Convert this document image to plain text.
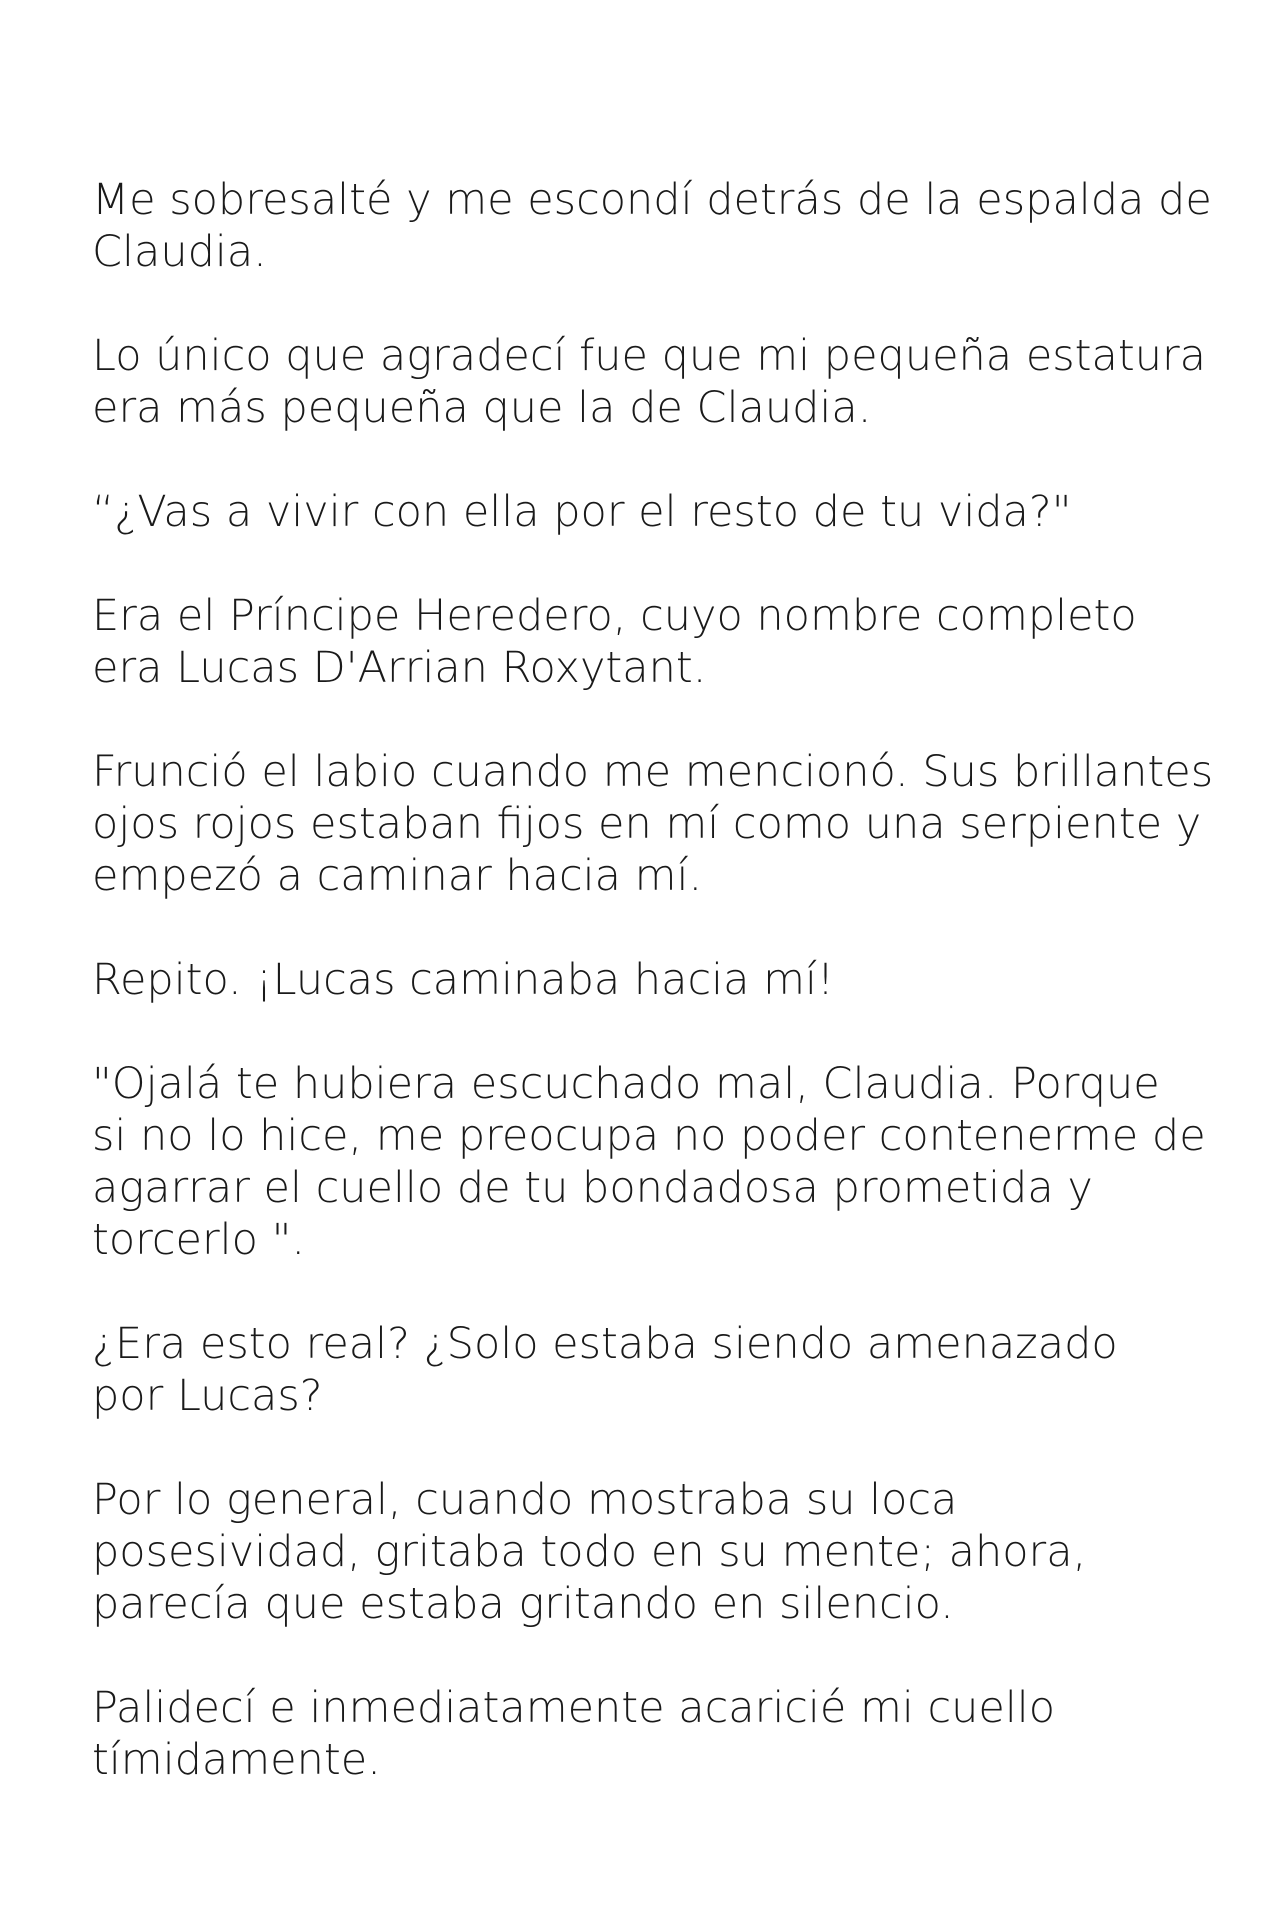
Me sobresalté y me escondí detrás de la espalda de
Claudia.

Lo único que agradecí fue que mi pequeña estatura
era más pequeña que la de Claudia.

“¿Vas a vivir con ella por el resto de tu vida?"

Era el Príncipe Heredero, cuyo nombre completo
era Lucas D'Arrian Roxytant.

Frunció el labio cuando me mencionó. Sus brillantes
ojos rojos estaban fijos en mí como una serpiente y
empezó a caminar hacia mí.

Repito. ¡Lucas caminaba hacia mí!

"Ojalá te hubiera escuchado mal, Claudia. Porque
si no lo hice, me preocupa no poder contenerme de
agarrar el cuello de tu bondadosa prometida y
torcerlo ".

¿Era esto real? ¿Solo estaba siendo amenazado
por Lucas?

Por lo general, cuando mostraba su loca
posesividad, gritaba todo en su mente; ahora,
parecía que estaba gritando en silencio.

Palidecí e inmediatamente acaricié mi cuello
tímidamente.
